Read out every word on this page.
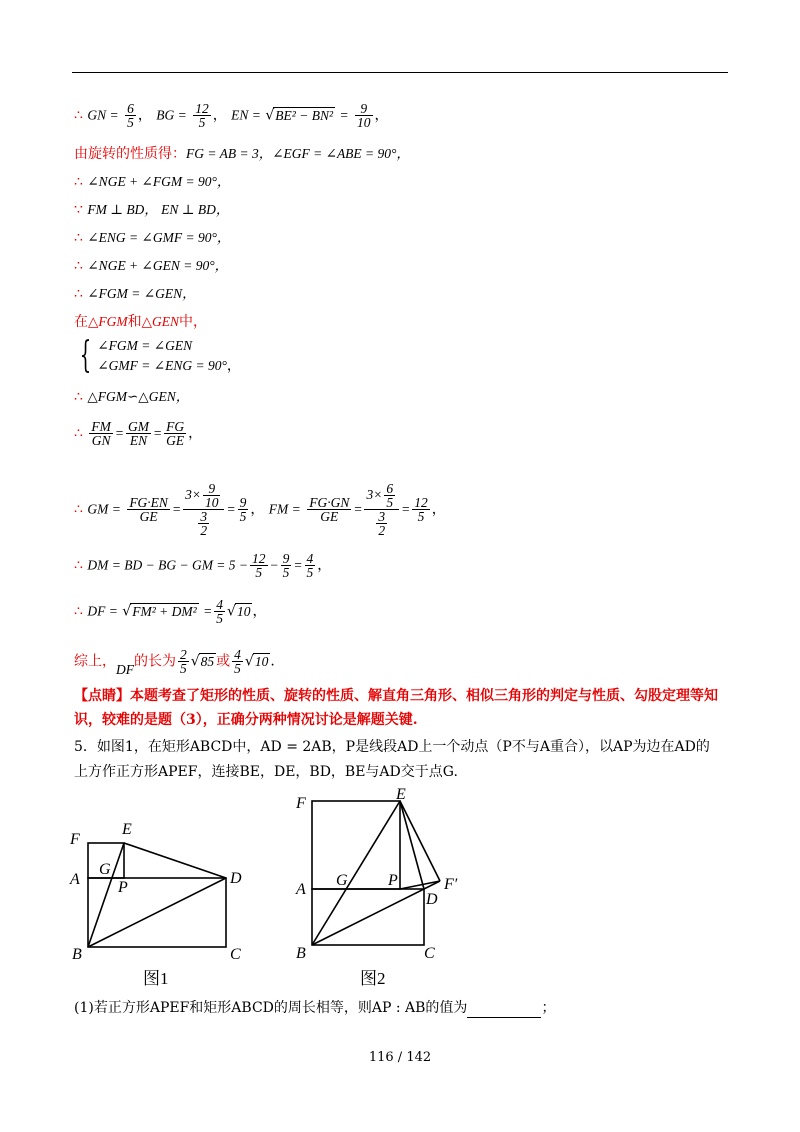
∴ GN = $\frac{6}{5}$ ， BG = $\frac{12}{5}$ ， EN = $√BE^2 - BN^2 = \frac{9}{10}$ ，
由旋转的性质得：FG = AB = 3，∠EGF = ∠ABE = 90°，
∴ ∠NGE + ∠FGM = 90°，
∵ FM ⊥ BD， EN ⊥ BD，
∴ ∠ENG = ∠GMF = 90°，
∴ ∠NGE + ∠GEN = 90°，
∴ ∠FGM = ∠GEN，
在△FGM和△GEN中，
{ ∠FGM = ∠GEN
∠GMF = ∠ENG = 90°，
∴ △FGM∽△GEN，
∴ $\frac{FM}{GN} = \frac{GM}{EN} = \frac{FG}{GE}$ ，
∴ GM = $\frac{FG\cdot EN}{GE} = \frac{3\times \frac{9}{10}}{\frac{3}{2}} = \frac{9}{5}$ ， FM = $\frac{FG\cdot GN}{GE} = \frac{3\times \frac{6}{5}}{\frac{3}{2}} = \frac{12}{5}$ ，
∴ DM = BD − BG − GM = $5 - \frac{12}{5} - \frac{9}{5} = \frac{4}{5}$ ，
∴ DF = $√FM^2 + DM^2 = \frac{4}{5} √10$ ，
综上，DF的长为 $\frac{2}{5} √85$ 或 $\frac{4}{5} √10$ .
【点睛】本题考查了矩形的性质、旋转的性质、解直角三角形、相似三角形的判定与性质、勾股定理等知
识，较难的是题（3），正确分两种情况讨论是解题关键.
5．如图1，在矩形ABCD中，AD = 2AB，P是线段AD上一个动点（P不与A重合），以AP为边在AD的
上方作正方形APEF，连接BE，DE，BD，BE与AD交于点G.
F
E
G
A P
D
B	C
图1
F
E
A
G	P
D
F′
B	C
图2
(1)若正方形APEF和矩形ABCD的周长相等，则AP : AB的值为	；
116 / 142
